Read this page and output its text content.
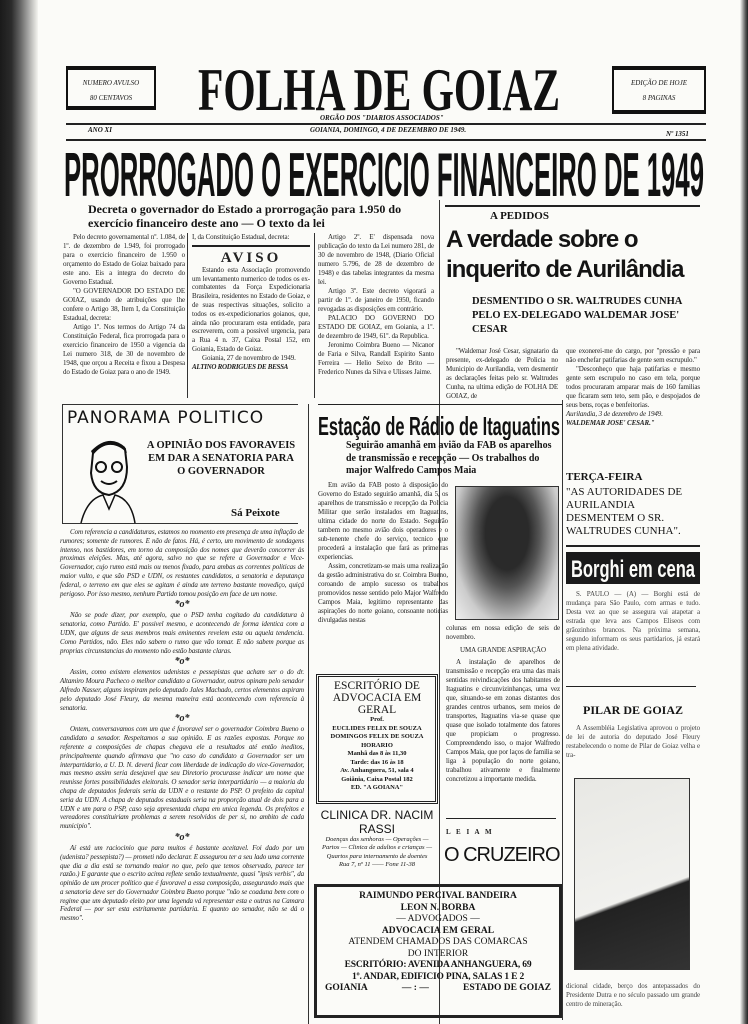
NUMERO AVULSO
80 CENTAVOS	FOLHA DE GOIAZ
ORGÃO DOS "DIARIOS ASSOCIADOS"
EDIÇÃO DE HOJE
8 PAGINAS
ANO XI	GOIANIA, DOMINGO, 4 DE DEZEMBRO DE 1949.	Nº 1351
PRORROGADO O EXERCICIO FINANCEIRO DE 1949
Decreta o governador do Estado a prorrogação para 1.950 do exercício financeiro deste ano — O texto da lei

Pelo decreto governamental nº. 1.084, de 1º. de dezembro de 1.949, foi prorrogado para o exercicio financeiro de 1.950 o orçamento do Estado de Goiaz baixado para este ano. Eis a integra do decreto do Governo Estadual.

"O GOVERNADOR DO ESTADO DE GOIAZ, usando de atribuições que lhe confere o Artigo 38, Item I, da Constituição Estadual, decreta:

Artigo 1º. Nos termos do Artigo 74 da Constituição Federal, fica prorrogada para o exercicio financeiro de 1950 a vigencia da Lei numero 318, de 30 de novembro de 1948, que orçou a Receita e fixou a Despesa do Estado de Goiaz para o ano de 1949.

I, da Constituição Estadual, decreta:
AVISO

Estando esta Associação promovendo um levantamento numerico de todos os ex-combatentes da Força Expedicionaria Brasileira, residentes no Estado de Goiaz, e de suas respectivas situações, solicito a todos os ex-expedicionarios goianos, que, ainda não procuraram esta entidade, para escreverem, com a possivel urgencia, para a Rua 4 n. 37, Caixa Postal 152, em Goiania, Estado de Goiaz.

Goiania, 27 de novembro de 1949.

ALTINO RODRIGUES DE BESSA

Artigo 2º. E' dispensada nova publicação do texto da Lei numero 281, de 30 de novembro de 1948, (Diario Oficial numero 5.796, de 28 de dezembro de 1948) e das tabelas integrantes da mesma lei.

Artigo 3º. Este decreto vigorará a partir de 1º. de janeiro de 1950, ficando revogadas as disposições em contrário.

PALACIO DO GOVERNO DO ESTADO DE GOIAZ, em Goiania, a 1º. de dezembro de 1949, 61º. da Republica.

Jeronimo Coimbra Bueno — Nicanor de Faria e Silva, Randall Espirito Santo Ferreira — Helio Seixo de Brito — Frederico Nunes da Silva e Ulisses Jaime.

A PEDIDOS
A verdade sobre o inquerito de Aurilândia
DESMENTIDO O SR. WALTRUDES CUNHA PELO EX-DELEGADO WALDEMAR JOSE' CESAR

"Waldemar José Cesar, signatario da presente, ex-delegado de Policia no Municipio de Aurilandia, vem desmentir as declarações feitas pelo sr. Waltrudes Cunha, na ultima edição de FOLHA DE GOIAZ, de

que exonerei-me do cargo, por "pressão e para não enchefar patifarias de gente sem escrupulo."

"Desconheço que haja patifarias e mesmo gente sem escrupulo no caso em tela, porque todos procuraram amparar mais de 160 familias que ficaram sem teto, sem pão, e despojados de seus bens, roças e benfeitorias.

Aurilandia, 3 de dezembro de 1949.
WALDEMAR JOSE' CESAR."
TERÇA-FEIRA
"AS AUTORIDADES DE AURILANDIA DESMENTEM O SR. WALTRUDES CUNHA".
Borghi em cena

S. PAULO — (A) — Borghi está de mudança para São Paulo, com armas e tudo. Desta vez ao que se assegura vai atapetar a estrada que leva aos Campos Eliseos com grãozinhos brancos. Na próxima semana, segundo informam os seus partidarios, já estará em plena atividade.

PILAR DE GOIAZ

A Assembléia Legislativa aprovou o projeto de lei de autoria do deputado José Fleury restabelecendo o nome de Pilar de Goiaz velha e tra-

dicional cidade, berço dos antepassados do Presidente Dutra e no século passado um grande centro de mineração.
PANORAMA POLITICO
A OPINIÃO DOS FAVORAVEIS EM DAR A SENATORIA PARA O GOVERNADOR
Sá Peixote

Com referencia a candidaturas, estamos no momento em presença de uma inflação de rumores; somente de rumores. E não de fatos. Há, é certo, um movimento de sondagens intenso, nos bastidores, em torno da composição dos nomes que deverão concorrer às proximas eleições. Mas, até agora, salvo no que se refere a Governador e Vice-Governador, cujo rumo está mais ou menos fixado, para ambas as correntes politicas de maior vulto, e que são PSD e UDN, os restantes candidatos, a senatoria e deputança federal, o terreno em que eles se agitam é ainda um terreno bastante movediço, quiçá perigoso. Por isso mesmo, nenhum Partido tomou posição em face de um nome.

*o*

Não se pode dizer, por exemplo, que o PSD tenha cogitado da candidatura à senatoria, como Partido. E' possivel mesmo, e acontecendo de forma identica com a UDN, que alguns de seus membros mais eminentes revelem esta ou aquela tendencia. Como Partidos, não. Eles não sabem o rumo que vão tomar. E não sabem porque as proprias circunstancias do momento não estão bastante claras.

*o*

Assim, como existem elementos udenistas e pessepistas que acham ser o do dr. Altamiro Moura Pacheco o melhor candidato a Governador, outros opinam pelo senador Alfredo Nasser, alguns inspiram pelo deputado Jales Machado, certos elementos aspiram pelo deputado José Fleury, da mesma maneira está acontecendo com referencia à senatoria.

*o*

Ontem, conversavamos com um que é favoravel ser o governador Coimbra Bueno o candidato a senador. Respeitamos a sua opinião. E as razões expostas. Porque no referente a composições de chapas chegava ele a resultados até então ineditos, principalmente quando afirmava que "no caso do candidato a Governador ser um interpartidario, a U. D. N. deverá ficar com liberdade de indicação do vice-Governador, mas mesmo assim seria desejavel que seu Diretorio procurasse indicar um nome que reunisse fortes possibilidades eleitorais. O senador seria interpartidario — a maioria da chapa de deputados federais seria da UDN e o restante do PSP. O prefeito da capital seria da UDN. A chapa de deputados estaduais seria na proporção atual de dois para a UDN e um para o PSP, caso seja apresentada chapa em unica legenda. Os prefeitos e vereadores constituiriam problemas a serem resolvidos de per si, no ambito de cada municipio".

*o*

Aí está um raciocinio que para muitos é bastante aceitavel. Foi dado por um (udenista? pessepista?) — prometi não declarar. E assegurou ter a seu lado uma corrente que dia a dia está se tornando maior no que, pelo que temos observado, parece ter razão.) E garante que o escrito acima reflete senão textualmente, quasi "ipsis verbis", da opinião de um procer politico que é favoravel a essa composição, assegurando mais que a senatoria deve ser do Governador Coimbra Bueno porque "não se coaduna bem com o regime que um deputado eleito por uma legenda vá representar esta e outras na Camara Federal — por ser esta estritamente partidaria. E quanto ao senador, não se dá o mesmo".

Estação de Rádio de Itaguatins
Seguirão amanhã em avião da FAB os aparelhos de transmissão e recepção — Os trabalhos do major Walfredo Campos Maia

Em avião da FAB posto à disposição do Governo do Estado seguirão amanhã, dia 5, os aparelhos de transmissão e recepção da Policia Militar que serão instalados em Itaguatins, ultima cidade do norte do Estado. Seguirão tambem no mesmo avião dois operadores e o sub-tenente chefe do serviço, tecnico que procederá a instalação que fará as primeiras experiencias.

Assim, concretizam-se mais uma realização da gestão administrativa do sr. Coimbra Bueno, coroando de amplo sucesso os trabalhos promovidos nesse sentido pelo Major Walfredo Campos Maia, legitimo representante das aspirações do norte goiano, consoante noticias divulgadas nestas

colunas em nossa edição de seis de novembro.
UMA GRANDE ASPIRAÇÃO

A instalação de aparelhos de transmissão e recepção era uma das mais sentidas reivindicações dos habitantes de Itaguatins e circunvizinhanças, uma vez que, situando-se em zonas distantes dos grandes centros urbanos, sem meios de transportes, Itaguatins via-se quase que quase que isolado totalmente dos fatores que propiciam o progresso. Compreendendo isso, o major Walfredo Campos Maia, que por laços de familia se liga à população do norte goiano, trabalhou ativamente e finalmente concretizou a importante medida.

ESCRITÓRIO DE ADVOCACIA EM GERAL
Prof.
EUCLIDES FELIX DE SOUZA
DOMINGOS FELIX DE SOUZA
HORARIO
Manhã das 8 às 11,30
Tarde: das 16 às 18
Av. Anhanguera, 51, sala 4
Goiânia, Caixa Postal 182
ED. "A GOIANA"
CLINICA DR. NACIM RASSI
Doenças das senhoras — Operações — Partos — Clinica de adultos e crianças — Quartos para internamento de doentes
Rua 7, nº 11 —— Fone 11-38
L E I A M
O CRUZEIRO
RAIMUNDO PERCIVAL BANDEIRA
LEON N. BORBA
— ADVOGADOS —
ADVOCACIA EM GERAL
ATENDEM CHAMADOS DAS COMARCAS
DO INTERIOR
ESCRITÓRIO: AVENIDA ANHANGUERA, 69
1º. ANDAR, EDIFICIO PINA, SALAS 1 E 2
GOIANIA	— : —	ESTADO DE GOIAZ
